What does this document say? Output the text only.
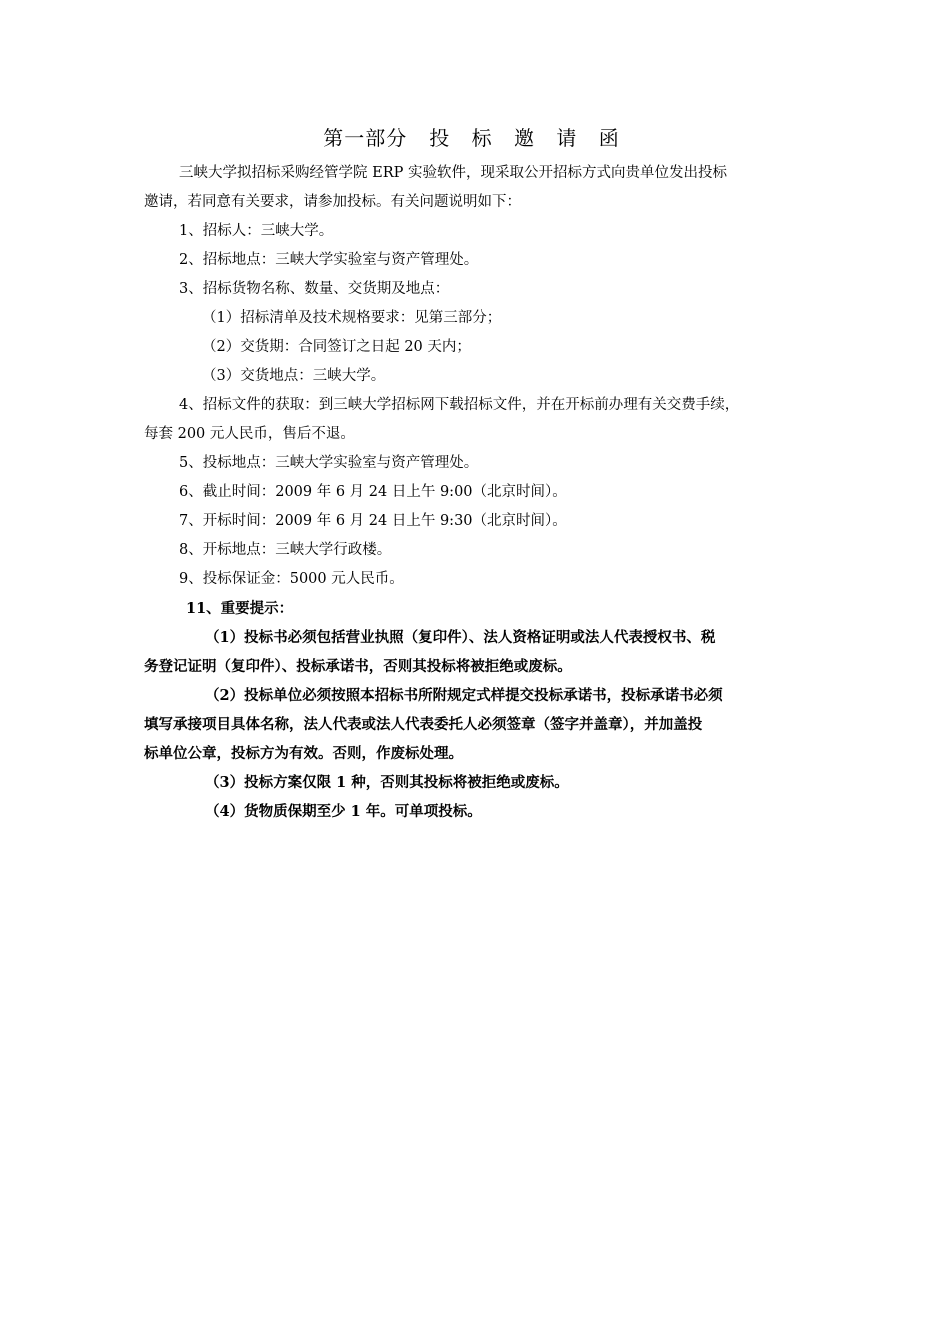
第一部分 投 标 邀 请 函
三峡大学拟招标采购经管学院 ERP 实验软件，现采取公开招标方式向贵单位发出投标
邀请，若同意有关要求，请参加投标。有关问题说明如下：
1、招标人：三峡大学。
2、招标地点：三峡大学实验室与资产管理处。
3、招标货物名称、数量、交货期及地点：
（1）招标清单及技术规格要求：见第三部分；
（2）交货期：合同签订之日起 20 天内；
（3）交货地点：三峡大学。
4、招标文件的获取：到三峡大学招标网下载招标文件，并在开标前办理有关交费手续，
每套 200 元人民币，售后不退。
5、投标地点：三峡大学实验室与资产管理处。
6、截止时间：2009 年 6 月 24 日上午 9:00（北京时间）。
7、开标时间：2009 年 6 月 24 日上午 9:30（北京时间）。
8、开标地点：三峡大学行政楼。
9、投标保证金：5000 元人民币。
11、重要提示：
（1）投标书必须包括营业执照（复印件）、法人资格证明或法人代表授权书、税
务登记证明（复印件）、投标承诺书，否则其投标将被拒绝或废标。
（2）投标单位必须按照本招标书所附规定式样提交投标承诺书，投标承诺书必须
填写承接项目具体名称，法人代表或法人代表委托人必须签章（签字并盖章），并加盖投
标单位公章，投标方为有效。否则，作废标处理。
（3）投标方案仅限 1 种，否则其投标将被拒绝或废标。
（4）货物质保期至少 1 年。可单项投标。
